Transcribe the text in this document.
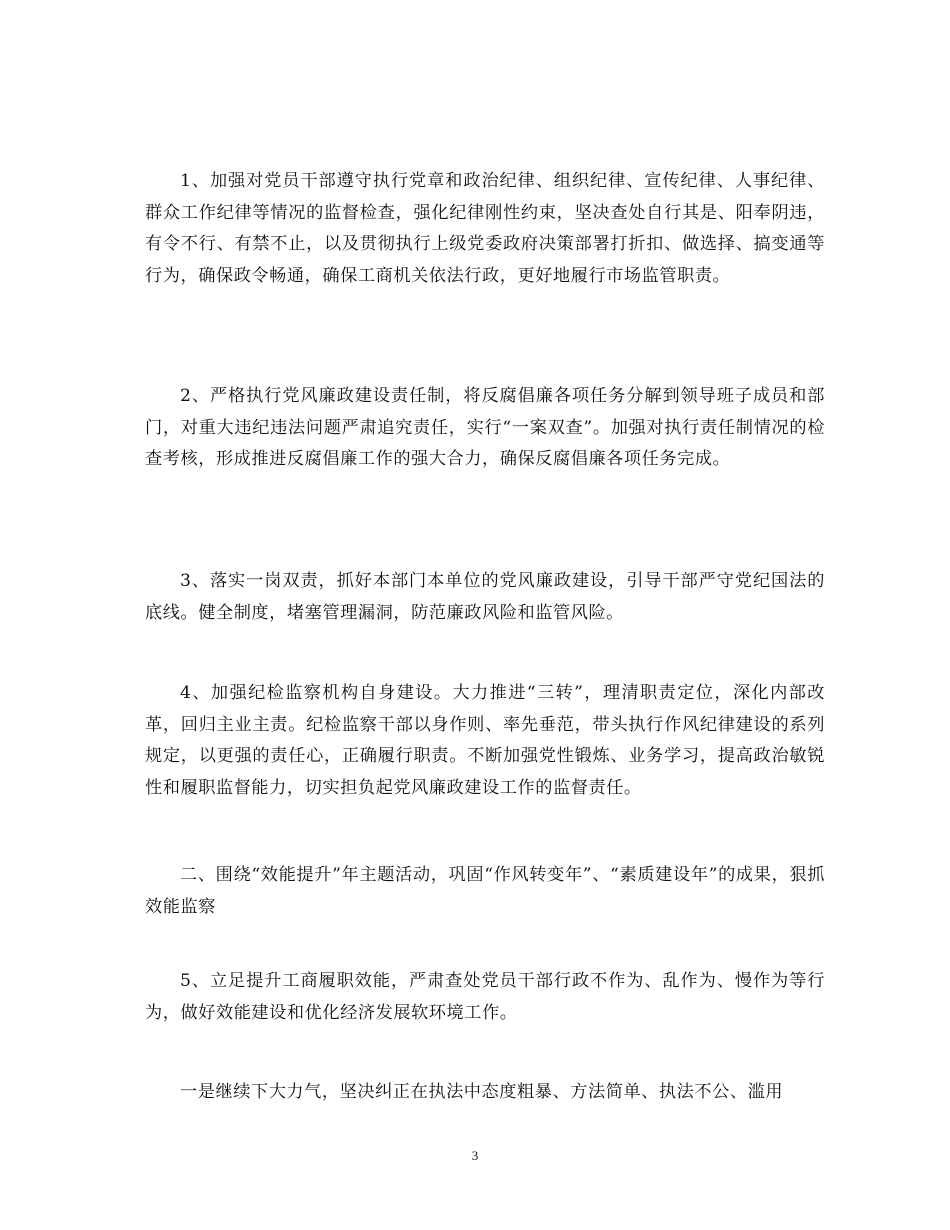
1、加强对党员干部遵守执行党章和政治纪律、组织纪律、宣传纪律、人事纪律、群众工作纪律等情况的监督检查，强化纪律刚性约束，坚决查处自行其是、阳奉阴违，有令不行、有禁不止，以及贯彻执行上级党委政府决策部署打折扣、做选择、搞变通等行为，确保政令畅通，确保工商机关依法行政，更好地履行市场监管职责。

2、严格执行党风廉政建设责任制，将反腐倡廉各项任务分解到领导班子成员和部门，对重大违纪违法问题严肃追究责任，实行“一案双查”。加强对执行责任制情况的检查考核，形成推进反腐倡廉工作的强大合力，确保反腐倡廉各项任务完成。

3、落实一岗双责，抓好本部门本单位的党风廉政建设，引导干部严守党纪国法的底线。健全制度，堵塞管理漏洞，防范廉政风险和监管风险。

4、加强纪检监察机构自身建设。大力推进“三转”，理清职责定位，深化内部改革，回归主业主责。纪检监察干部以身作则、率先垂范，带头执行作风纪律建设的系列规定，以更强的责任心，正确履行职责。不断加强党性锻炼、业务学习，提高政治敏锐性和履职监督能力，切实担负起党风廉政建设工作的监督责任。

二、围绕“效能提升”年主题活动，巩固“作风转变年”、“素质建设年”的成果，狠抓效能监察

5、立足提升工商履职效能，严肃查处党员干部行政不作为、乱作为、慢作为等行为，做好效能建设和优化经济发展软环境工作。

一是继续下大力气，坚决纠正在执法中态度粗暴、方法简单、执法不公、滥用

3
